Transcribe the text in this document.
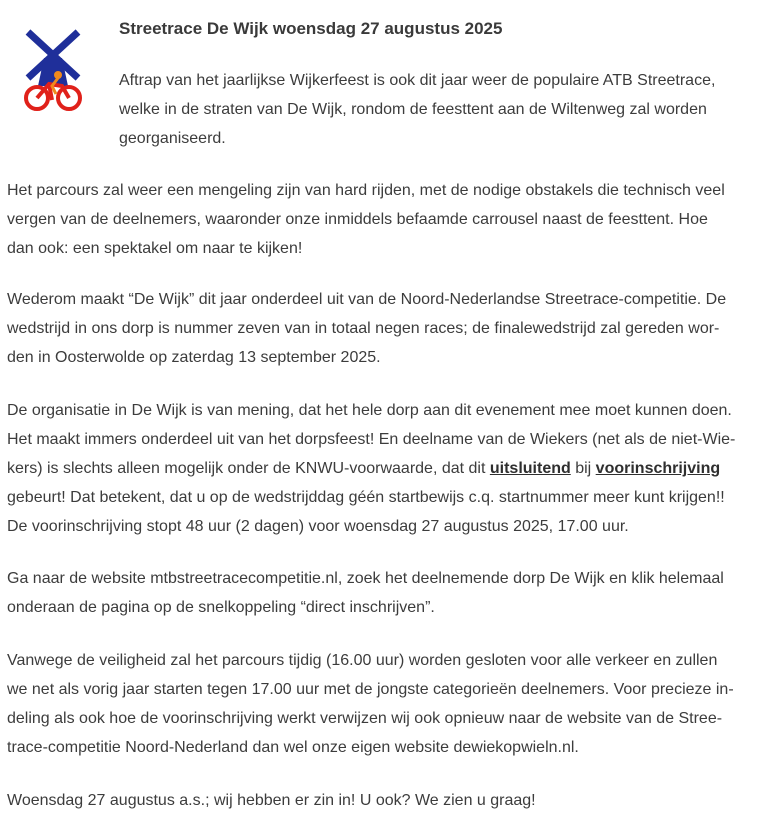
Streetrace De Wijk woensdag 27 augustus 2025

Aftrap van het jaarlijkse Wijkerfeest is ook dit jaar weer de populaire ATB Streetrace,
welke in de straten van De Wijk, rondom de feesttent aan de Wiltenweg zal worden
georganiseerd.

Het parcours zal weer een mengeling zijn van hard rijden, met de nodige obstakels die technisch veel
vergen van de deelnemers, waaronder onze inmiddels befaamde carrousel naast de feesttent. Hoe
dan ook: een spektakel om naar te kijken!

Wederom maakt “De Wijk” dit jaar onderdeel uit van de Noord-Nederlandse Streetrace-competitie. De
wedstrijd in ons dorp is nummer zeven van in totaal negen races; de finalewedstrijd zal gereden wor-
den in Oosterwolde op zaterdag 13 september 2025.

De organisatie in De Wijk is van mening, dat het hele dorp aan dit evenement mee moet kunnen doen.
Het maakt immers onderdeel uit van het dorpsfeest! En deelname van de Wiekers (net als de niet-Wie-
kers) is slechts alleen mogelijk onder de KNWU-voorwaarde, dat dit uitsluitend bij voorinschrijving
gebeurt! Dat betekent, dat u op de wedstrijddag géén startbewijs c.q. startnummer meer kunt krijgen!!
De voorinschrijving stopt 48 uur (2 dagen) voor woensdag 27 augustus 2025, 17.00 uur.

Ga naar de website mtbstreetracecompetitie.nl, zoek het deelnemende dorp De Wijk en klik helemaal
onderaan de pagina op de snelkoppeling “direct inschrijven”.

Vanwege de veiligheid zal het parcours tijdig (16.00 uur) worden gesloten voor alle verkeer en zullen
we net als vorig jaar starten tegen 17.00 uur met de jongste categorieën deelnemers. Voor precieze in-
deling als ook hoe de voorinschrijving werkt verwijzen wij ook opnieuw naar de website van de Stree-
trace-competitie Noord-Nederland dan wel onze eigen website dewiekopwieln.nl.

Woensdag 27 augustus a.s.; wij hebben er zin in! U ook? We zien u graag!
